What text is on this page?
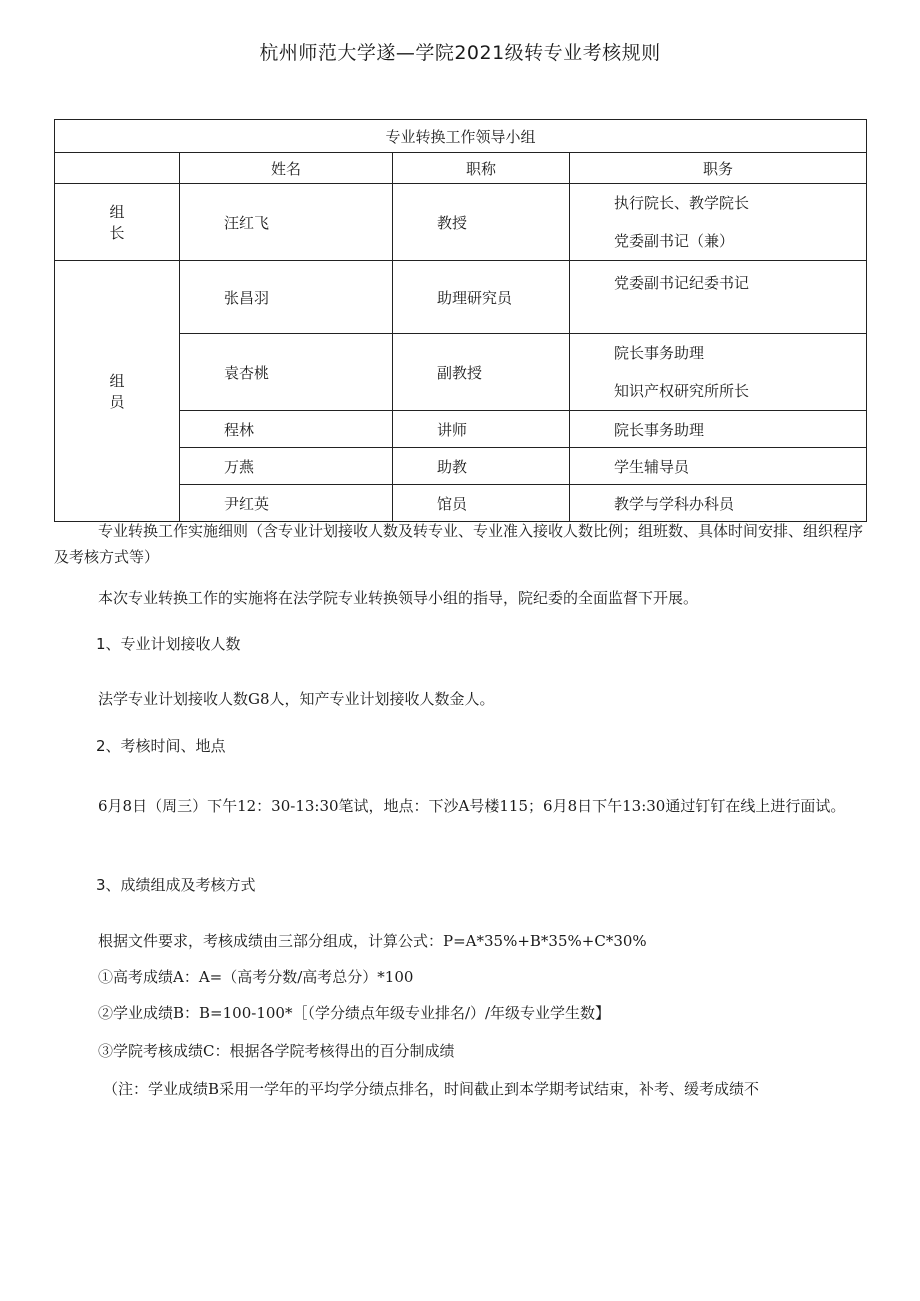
杭州师范大学遂—学院2021级转专业考核规则
专业转换工作领导小组			
	姓名	职称	职务
组　长	汪红飞	教授	执行院长、教学院长
党委副书记（兼）

组　员	张昌羽	助理研究员	党委副书记纪委书记

	袁杏桃	副教授	院长事务助理
知识产权研究所所长

	程林	讲师	院长事务助理
	万燕	助教	学生辅导员
	尹红英	馆员	教学与学科办科员

专业转换工作实施细则（含专业计划接收人数及转专业、专业准入接收人数比例；组班数、具体时间安排、组织程序及考核方式等）

本次专业转换工作的实施将在法学院专业转换领导小组的指导，院纪委的全面监督下开展。

1、专业计划接收人数

法学专业计划接收人数G8人，知产专业计划接收人数金人。

2、考核时间、地点

6月8日（周三）下午12：30-13:30笔试，地点：下沙A号楼115；6月8日下午13:30通过钉钉在线上进行面试。

3、成绩组成及考核方式

根据文件要求，考核成绩由三部分组成，计算公式：P=A*35%+B*35%+C*30%

①高考成绩A：A=（高考分数/高考总分）*100

②学业成绩B：B=100-100*［（学分绩点年级专业排名/）/年级专业学生数】

③学院考核成绩C：根据各学院考核得出的百分制成绩

（注：学业成绩B采用一学年的平均学分绩点排名，时间截止到本学期考试结束，补考、缓考成绩不
